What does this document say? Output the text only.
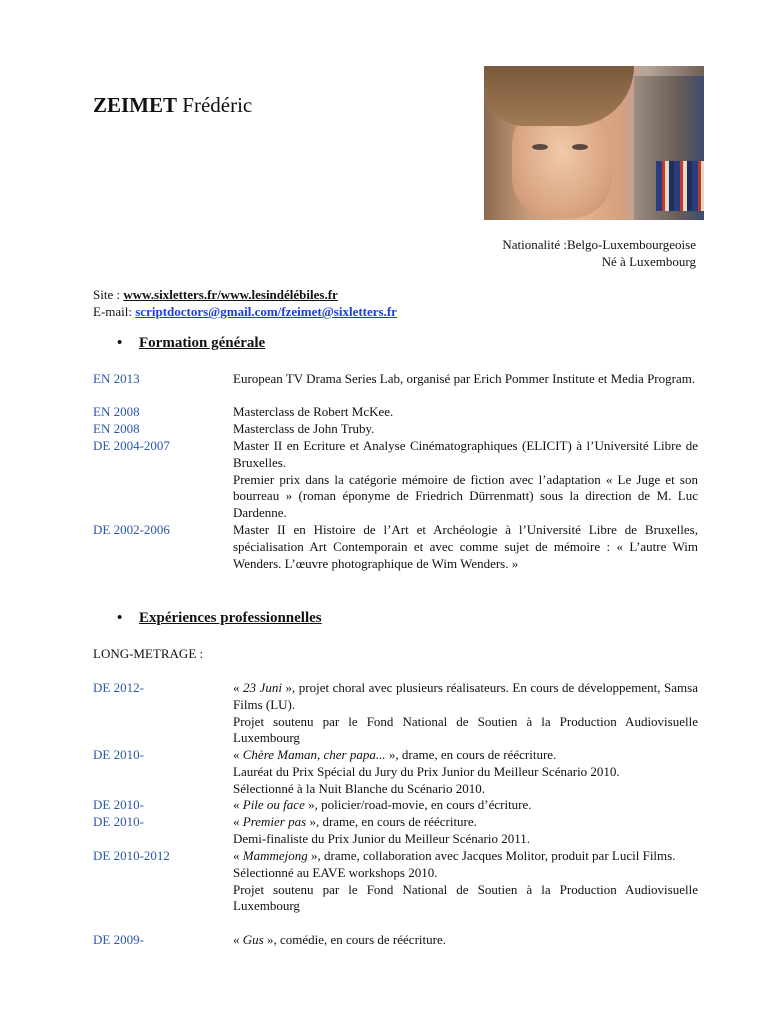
ZEIMET Frédéric
Nationalité :Belgo-Luxembourgeoise
Né à Luxembourg
Site : www.sixletters.fr/www.lesindélébiles.fr
E-mail: scriptdoctors@gmail.com/fzeimet@sixletters.fr
• Formation générale
EN 2013	European TV Drama Series Lab, organisé par Erich Pommer Institute et Media Program.

EN 2008	Masterclass de Robert McKee.

EN 2008	Masterclass de John Truby.

DE 2004-2007	Master II en Ecriture et Analyse Cinématographiques (ELICIT) à l’Université Libre de Bruxelles.

Premier prix dans la catégorie mémoire de fiction avec l’adaptation « Le Juge et son bourreau » (roman éponyme de Friedrich Dürrenmatt) sous la direction de M. Luc Dardenne.

DE 2002-2006	Master II en Histoire de l’Art et Archéologie à l’Université Libre de Bruxelles, spécialisation Art Contemporain et avec comme sujet de mémoire : « L’autre Wim Wenders. L’œuvre photographique de Wim Wenders. »

• Expériences professionnelles
LONG-METRAGE :
DE 2012-	« 23 Juni », projet choral avec plusieurs réalisateurs. En cours de développement, Samsa Films (LU).

Projet soutenu par le Fond National de Soutien à la Production Audiovisuelle Luxembourg

DE 2010-	« Chère Maman, cher papa... », drame, en cours de réécriture.

Lauréat du Prix Spécial du Jury du Prix Junior du Meilleur Scénario 2010.

Sélectionné à la Nuit Blanche du Scénario 2010.

DE 2010-	« Pile ou face », policier/road-movie, en cours d’écriture.

DE 2010-	« Premier pas », drame, en cours de réécriture.

Demi-finaliste du Prix Junior du Meilleur Scénario 2011.

DE 2010-2012	« Mammejong », drame, collaboration avec Jacques Molitor, produit par Lucil Films.

Sélectionné au EAVE workshops 2010.

Projet soutenu par le Fond National de Soutien à la Production Audiovisuelle Luxembourg

DE 2009-	« Gus », comédie, en cours de réécriture.
